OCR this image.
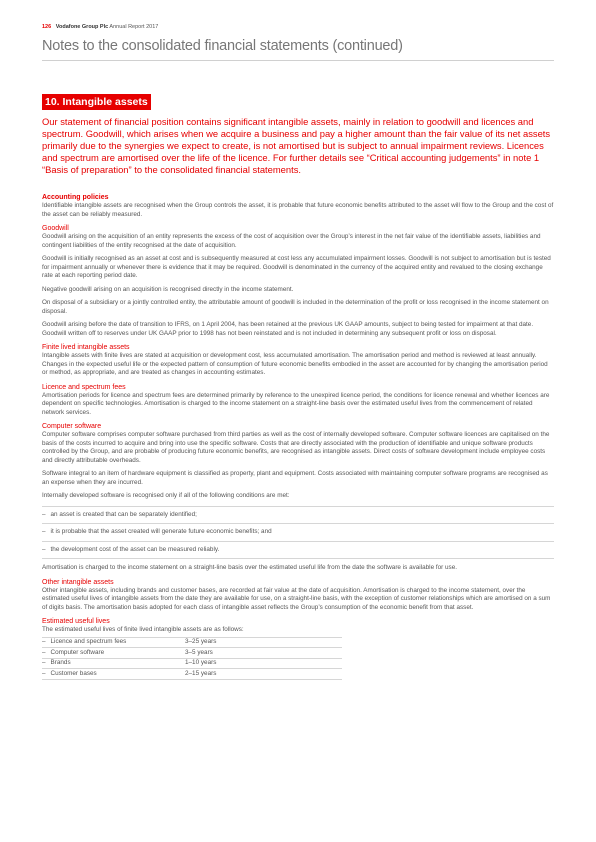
126 Vodafone Group Plc Annual Report 2017
Notes to the consolidated financial statements (continued)
10. Intangible assets

Our statement of financial position contains significant intangible assets, mainly in relation to goodwill and licences and spectrum. Goodwill, which arises when we acquire a business and pay a higher amount than the fair value of its net assets primarily due to the synergies we expect to create, is not amortised but is subject to annual impairment reviews. Licences and spectrum are amortised over the life of the licence. For further details see “Critical accounting judgements” in note 1 “Basis of preparation” to the consolidated financial statements.

Accounting policies

Identifiable intangible assets are recognised when the Group controls the asset, it is probable that future economic benefits attributed to the asset will flow to the Group and the cost of the asset can be reliably measured.

Goodwill

Goodwill arising on the acquisition of an entity represents the excess of the cost of acquisition over the Group’s interest in the net fair value of the identifiable assets, liabilities and contingent liabilities of the entity recognised at the date of acquisition.

Goodwill is initially recognised as an asset at cost and is subsequently measured at cost less any accumulated impairment losses. Goodwill is not subject to amortisation but is tested for impairment annually or whenever there is evidence that it may be required. Goodwill is denominated in the currency of the acquired entity and revalued to the closing exchange rate at each reporting period date.

Negative goodwill arising on an acquisition is recognised directly in the income statement.

On disposal of a subsidiary or a jointly controlled entity, the attributable amount of goodwill is included in the determination of the profit or loss recognised in the income statement on disposal.

Goodwill arising before the date of transition to IFRS, on 1 April 2004, has been retained at the previous UK GAAP amounts, subject to being tested for impairment at that date. Goodwill written off to reserves under UK GAAP prior to 1998 has not been reinstated and is not included in determining any subsequent profit or loss on disposal.

Finite lived intangible assets

Intangible assets with finite lives are stated at acquisition or development cost, less accumulated amortisation. The amortisation period and method is reviewed at least annually. Changes in the expected useful life or the expected pattern of consumption of future economic benefits embodied in the asset are accounted for by changing the amortisation period or method, as appropriate, and are treated as changes in accounting estimates.

Licence and spectrum fees

Amortisation periods for licence and spectrum fees are determined primarily by reference to the unexpired licence period, the conditions for licence renewal and whether licences are dependent on specific technologies. Amortisation is charged to the income statement on a straight-line basis over the estimated useful lives from the commencement of related network services.

Computer software

Computer software comprises computer software purchased from third parties as well as the cost of internally developed software. Computer software licences are capitalised on the basis of the costs incurred to acquire and bring into use the specific software. Costs that are directly associated with the production of identifiable and unique software products controlled by the Group, and are probable of producing future economic benefits, are recognised as intangible assets. Direct costs of software development include employee costs and directly attributable overheads.

Software integral to an item of hardware equipment is classified as property, plant and equipment. Costs associated with maintaining computer software programs are recognised as an expense when they are incurred.

Internally developed software is recognised only if all of the following conditions are met:

– an asset is created that can be separately identified;
– it is probable that the asset created will generate future economic benefits; and
– the development cost of the asset can be measured reliably.

Amortisation is charged to the income statement on a straight-line basis over the estimated useful life from the date the software is available for use.

Other intangible assets

Other intangible assets, including brands and customer bases, are recorded at fair value at the date of acquisition. Amortisation is charged to the income statement, over the estimated useful lives of intangible assets from the date they are available for use, on a straight-line basis, with the exception of customer relationships which are amortised on a sum of digits basis. The amortisation basis adopted for each class of intangible asset reflects the Group’s consumption of the economic benefit from that asset.

Estimated useful lives

The estimated useful lives of finite lived intangible assets are as follows:

– Licence and spectrum fees	3–25 years
– Computer software	3–5 years
– Brands	1–10 years
– Customer bases	2–15 years
